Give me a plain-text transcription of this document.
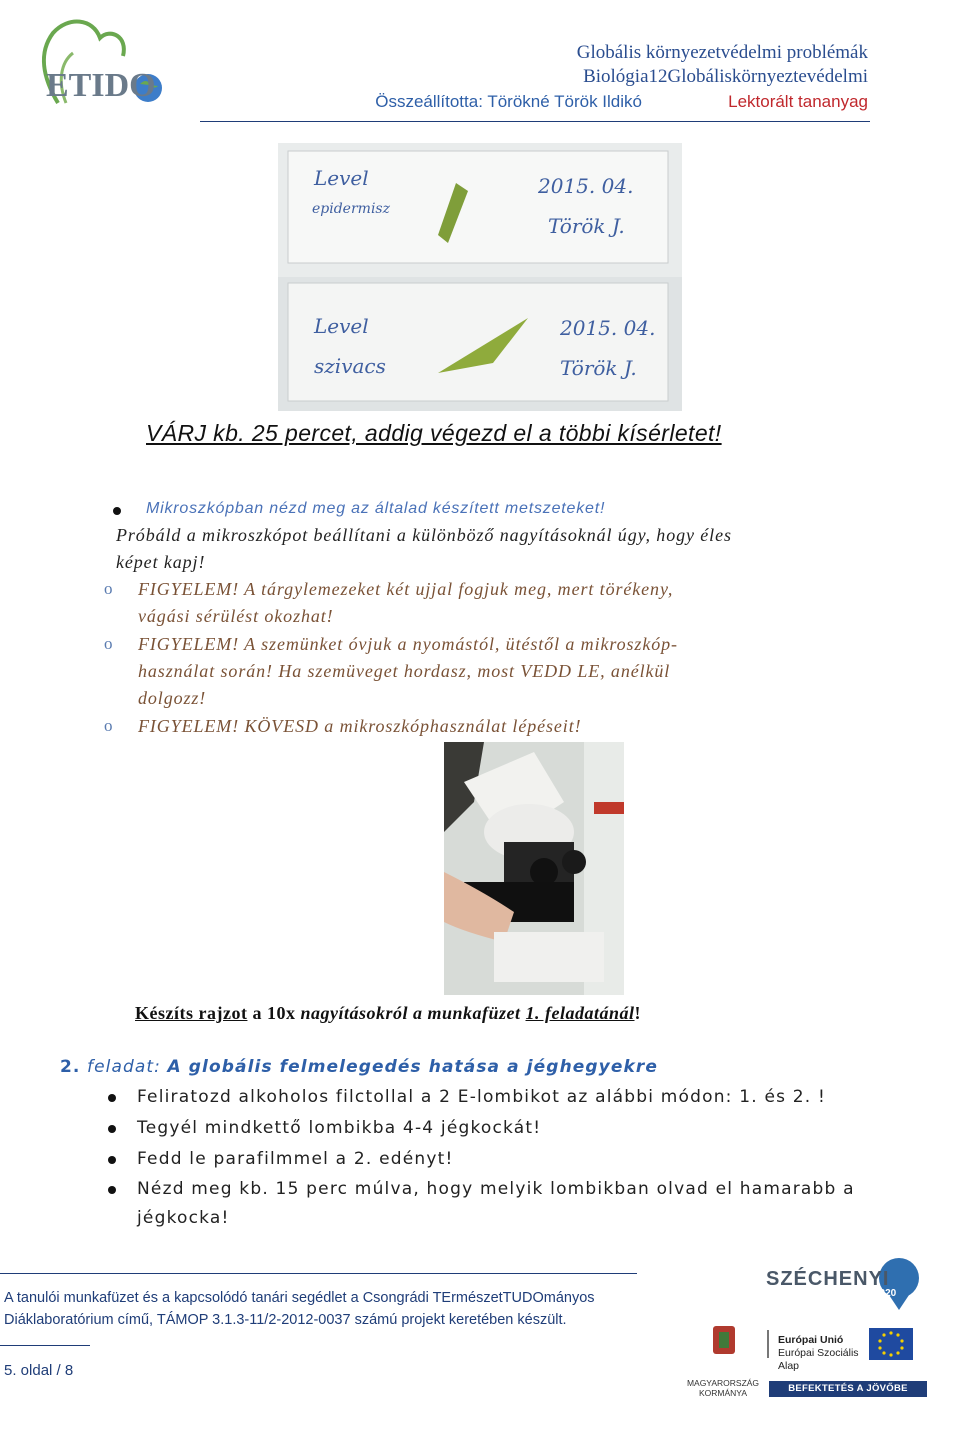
ETIDO
Globális környezetvédelmi problémák
Biológia12Globáliskörnyeztevédelmi
Összeállította: Törökné Török Ildikó	Lektorált tananyag
Level
epidermisz
2015. 04.
Török J.
Level
szivacs
2015. 04.
Török J.
VÁRJ kb. 25 percet, addig végezd el a többi kísérletet!
Mikroszkópban nézd meg az általad készített metszeteket!
Próbáld a mikroszkópot beállítani a különböző nagyításoknál úgy, hogy éles
képet kapj!
o FIGYELEM! A tárgylemezeket két ujjal fogjuk meg, mert törékeny,
vágási sérülést okozhat!
o FIGYELEM! A szemünket óvjuk a nyomástól, ütéstől a mikroszkóp-
használat során! Ha szemüveget hordasz, most VEDD LE, anélkül
dolgozz!
o FIGYELEM! KÖVESD a mikroszkóphasználat lépéseit!
Készíts rajzot a 10x nagyításokról a munkafüzet 1. feladatánál!
2. feladat: A globális felmelegedés hatása a jéghegyekre
Feliratozd alkoholos filctollal a 2 E-lombikot az alábbi módon: 1. és 2. !
Tegyél mindkettő lombikba 4-4 jégkockát!
Fedd le parafilmmel a 2. edényt!
Nézd meg kb. 15 perc múlva, hogy melyik lombikban olvad el hamarabb a
jégkocka!
A tanulói munkafüzet és a kapcsolódó tanári segédlet a Csongrádi TErmészetTUDOmányos
Diáklaboratórium című, TÁMOP 3.1.3-11/2-2012-0037 számú projekt keretében készült.
5. oldal / 8
SZÉCHENYI
2020
MAGYARORSZÁG
KORMÁNYA
Európai Unió
Európai Szociális
Alap
BEFEKTETÉS A JÖVŐBE
